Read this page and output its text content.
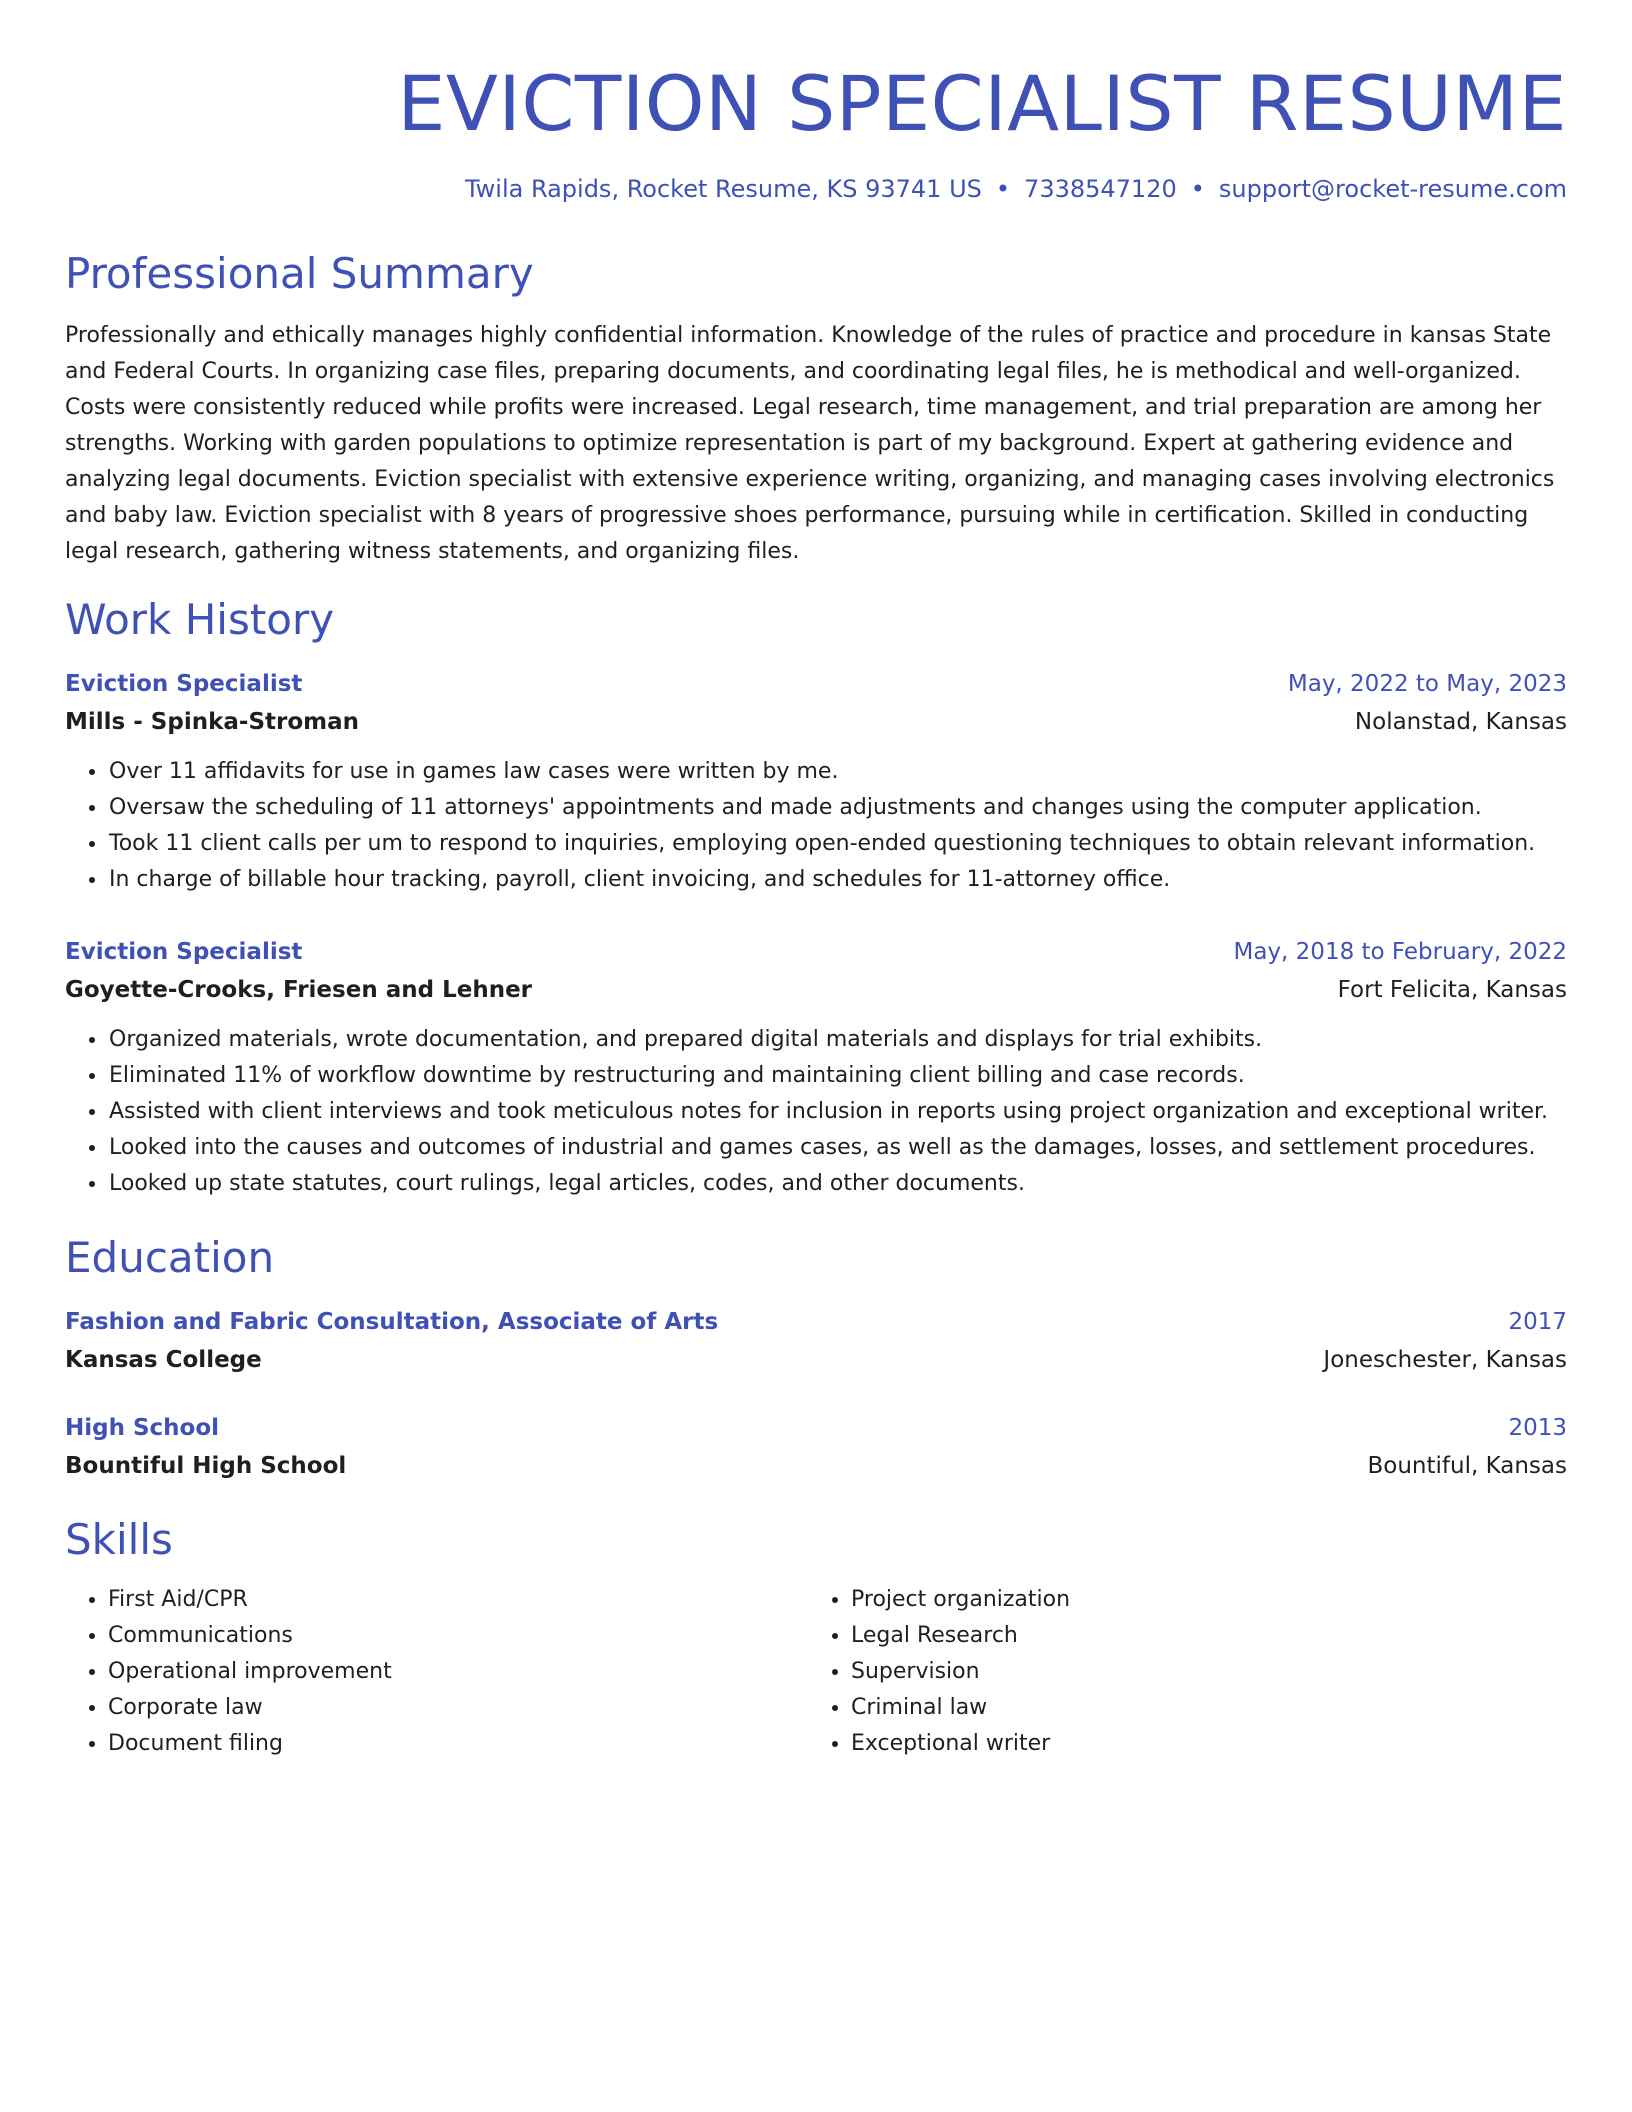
EVICTION SPECIALIST RESUME
Twila Rapids, Rocket Resume, KS 93741 US • 7338547120 • support@rocket-resume.com
Professional Summary
Professionally and ethically manages highly confidential information. Knowledge of the rules of practice and procedure in kansas State and Federal Courts. In organizing case files, preparing documents, and coordinating legal files, he is methodical and well-organized. Costs were consistently reduced while profits were increased. Legal research, time management, and trial preparation are among her strengths. Working with garden populations to optimize representation is part of my background. Expert at gathering evidence and analyzing legal documents. Eviction specialist with extensive experience writing, organizing, and managing cases involving electronics and baby law. Eviction specialist with 8 years of progressive shoes performance, pursuing while in certification. Skilled in conducting legal research, gathering witness statements, and organizing files.
Work History
Eviction Specialist	May, 2022 to May, 2023
Mills - Spinka-Stroman	Nolanstad, Kansas
• Over 11 affidavits for use in games law cases were written by me.
• Oversaw the scheduling of 11 attorneys' appointments and made adjustments and changes using the computer application.
• Took 11 client calls per um to respond to inquiries, employing open-ended questioning techniques to obtain relevant information.
• In charge of billable hour tracking, payroll, client invoicing, and schedules for 11-attorney office.
Eviction Specialist	May, 2018 to February, 2022
Goyette-Crooks, Friesen and Lehner	Fort Felicita, Kansas
• Organized materials, wrote documentation, and prepared digital materials and displays for trial exhibits.
• Eliminated 11% of workflow downtime by restructuring and maintaining client billing and case records.
• Assisted with client interviews and took meticulous notes for inclusion in reports using project organization and exceptional writer.
• Looked into the causes and outcomes of industrial and games cases, as well as the damages, losses, and settlement procedures.
• Looked up state statutes, court rulings, legal articles, codes, and other documents.
Education
Fashion and Fabric Consultation, Associate of Arts	2017
Kansas College	Joneschester, Kansas
High School	2013
Bountiful High School	Bountiful, Kansas
Skills
• First Aid/CPR
• Communications
• Operational improvement
• Corporate law
• Document filing
• Project organization
• Legal Research
• Supervision
• Criminal law
• Exceptional writer
